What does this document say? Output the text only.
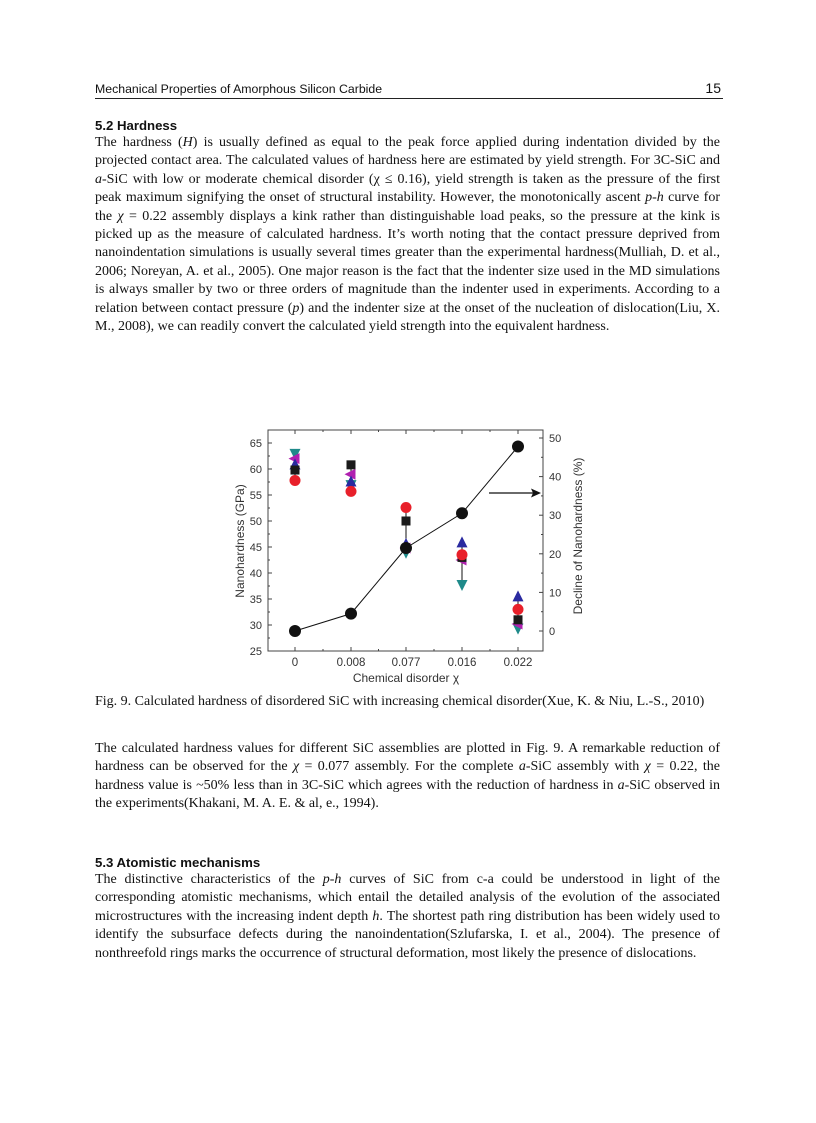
Mechanical Properties of Amorphous Silicon Carbide	15
5.2 Hardness

The hardness (H) is usually defined as equal to the peak force applied during indentation divided by the projected contact area. The calculated values of hardness here are estimated by yield strength. For 3C-SiC and a-SiC with low or moderate chemical disorder (χ ≤ 0.16), yield strength is taken as the pressure of the first peak maximum signifying the onset of structural instability. However, the monotonically ascent p-h curve for the χ = 0.22 assembly displays a kink rather than distinguishable load peaks, so the pressure at the kink is picked up as the measure of calculated hardness. It’s worth noting that the contact pressure deprived from nanoindentation simulations is usually several times greater than the experimental hardness(Mulliah, D. et al., 2006; Noreyan, A. et al., 2005). One major reason is the fact that the indenter size used in the MD simulations is always smaller by two or three orders of magnitude than the indenter used in experiments. According to a relation between contact pressure (p) and the indenter size at the onset of the nucleation of dislocation(Liu, X. M., 2008), we can readily convert the calculated yield strength into the equivalent hardness.

25
30
35
40
45
50
55
60
65
0
10
20
30
40
50
0	0.008 0.077 0.016 0.022
Chemical disorder χ
Nanohardness (GPa)	Decline of Nanohardness (%)

Fig. 9. Calculated hardness of disordered SiC with increasing chemical disorder(Xue, K. & Niu, L.-S., 2010)

The calculated hardness values for different SiC assemblies are plotted in Fig. 9. A remarkable reduction of hardness can be observed for the χ = 0.077 assembly. For the complete a-SiC assembly with χ = 0.22, the hardness value is ~50% less than in 3C-SiC which agrees with the reduction of hardness in a-SiC observed in the experiments(Khakani, M. A. E. & al, e., 1994).

5.3 Atomistic mechanisms

The distinctive characteristics of the p-h curves of SiC from c-a could be understood in light of the corresponding atomistic mechanisms, which entail the detailed analysis of the evolution of the associated microstructures with the increasing indent depth h. The shortest path ring distribution has been widely used to identify the subsurface defects during the nanoindentation(Szlufarska, I. et al., 2004). The presence of nonthreefold rings marks the occurrence of structural deformation, most likely the presence of dislocations.
